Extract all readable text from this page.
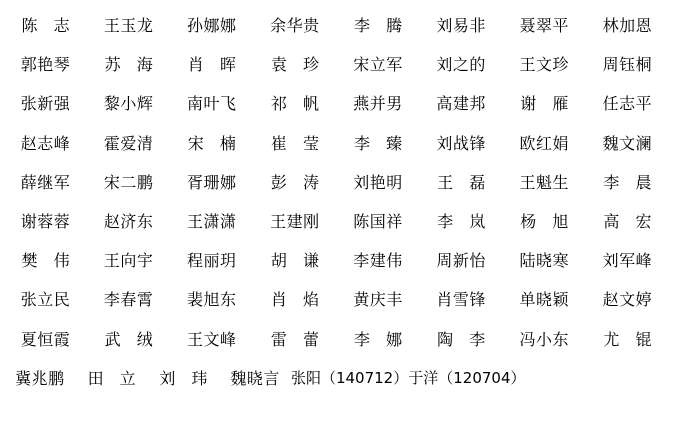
陈 志	王玉龙	孙娜娜	余华贵	李 腾	刘易非	聂翠平	林加恩
郭艳琴	苏 海	肖 晖	袁 珍	宋立军	刘之的	王文珍	周钰桐
张新强	黎小辉	南叶飞	祁 帆	燕并男	高建邦	谢 雁	任志平
赵志峰	霍爱清	宋 楠	崔 莹	李 臻	刘战锋	欧红娟	魏文澜
薛继军	宋二鹏	胥珊娜	彭 涛	刘艳明	王 磊	王魁生	李 晨
谢蓉蓉	赵济东	王潇潇	王建刚	陈国祥	李 岚	杨 旭	高 宏
樊 伟	王向宇	程丽玥	胡 谦	李建伟	周新怡	陆晓寒	刘军峰
张立民	李春霄	裴旭东	肖 焰	黄庆丰	肖雪锋	单晓颖	赵文婷
夏恒霞	武 绒	王文峰	雷 蕾	李 娜	陶 李	冯小东	尤 锟
冀兆鹏	田 立	刘 玮	魏晓言 张阳（140712） 于洋（120704）
